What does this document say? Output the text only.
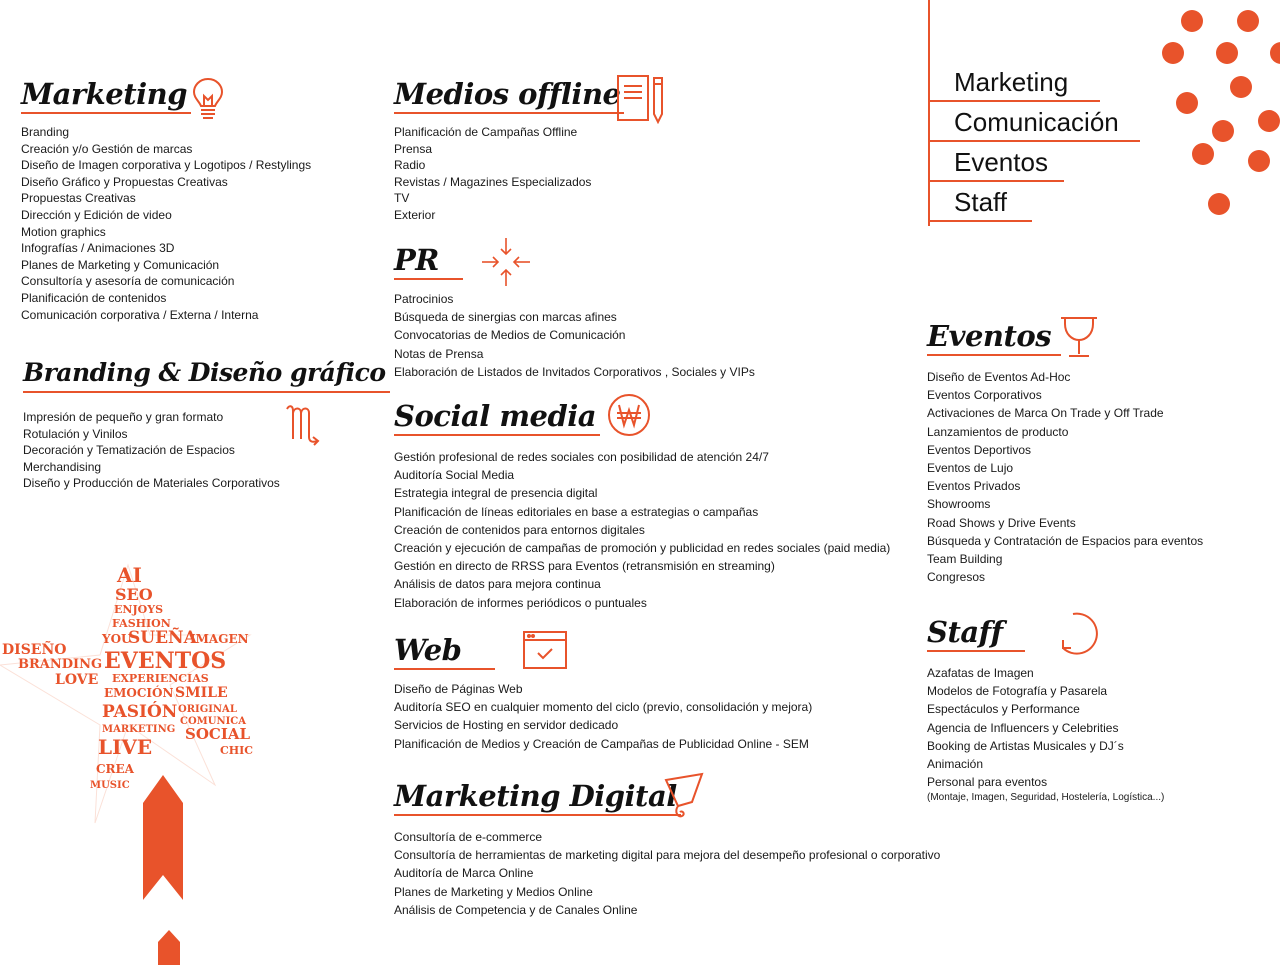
Marketing
Branding
Creación y/o Gestión de marcas
Diseño de Imagen corporativa y Logotipos / Restylings
Diseño Gráfico y Propuestas Creativas
Propuestas Creativas
Dirección y Edición de video
Motion graphics
Infografías / Animaciones 3D
Planes de Marketing y Comunicación
Consultoría y asesoría de comunicación
Planificación de contenidos
Comunicación corporativa / Externa / Interna
Branding & Diseño gráfico
Impresión de pequeño y gran formato
Rotulación y Vinilos
Decoración y Tematización de Espacios
Merchandising
Diseño y Producción de Materiales Corporativos
AI
SEO
ENJOYS
FASHION
YOU
SUEÑA
IMAGEN
DISEÑO
BRANDING EVENTOS
LOVE EXPERIENCIAS
EMOCIÓN SMILE
PASIÓN ORIGINAL
COMUNICA
MARKETING SOCIAL
LIVE	CHIC
CREA
MUSIC
Medios offline
Planificación de Campañas Offline
Prensa
Radio
Revistas / Magazines Especializados
TV
Exterior
PR
Patrocinios
Búsqueda de sinergias con marcas afines
Convocatorias de Medios de Comunicación
Notas de Prensa
Elaboración de Listados de Invitados Corporativos , Sociales y VIPs
Social media
Gestión profesional de redes sociales con posibilidad de atención 24/7
Auditoría Social Media
Estrategia integral de presencia digital
Planificación de líneas editoriales en base a estrategias o campañas
Creación de contenidos para entornos digitales
Creación y ejecución de campañas de promoción y publicidad en redes sociales (paid media)
Gestión en directo de RRSS para Eventos (retransmisión en streaming)
Análisis de datos para mejora continua
Elaboración de informes periódicos o puntuales
Web
Diseño de Páginas Web
Auditoría SEO en cualquier momento del ciclo (previo, consolidación y mejora)
Servicios de Hosting en servidor dedicado
Planificación de Medios y Creación de Campañas de Publicidad Online - SEM
Marketing Digital
Consultoría de e-commerce
Consultoría de herramientas de marketing digital para mejora del desempeño profesional o corporativo
Auditoría de Marca Online
Planes de Marketing y Medios Online
Análisis de Competencia y de Canales Online
Marketing
Comunicación
Eventos
Staff
Eventos
Diseño de Eventos Ad-Hoc
Eventos Corporativos
Activaciones de Marca On Trade y Off Trade
Lanzamientos de producto
Eventos Deportivos
Eventos de Lujo
Eventos Privados
Showrooms
Road Shows y Drive Events
Búsqueda y Contratación de Espacios para eventos
Team Building
Congresos
Staff
Azafatas de Imagen
Modelos de Fotografía y Pasarela
Espectáculos y Performance
Agencia de Influencers y Celebrities
Booking de Artistas Musicales y DJ´s
Animación
Personal para eventos
(Montaje, Imagen, Seguridad, Hostelería, Logística...)
